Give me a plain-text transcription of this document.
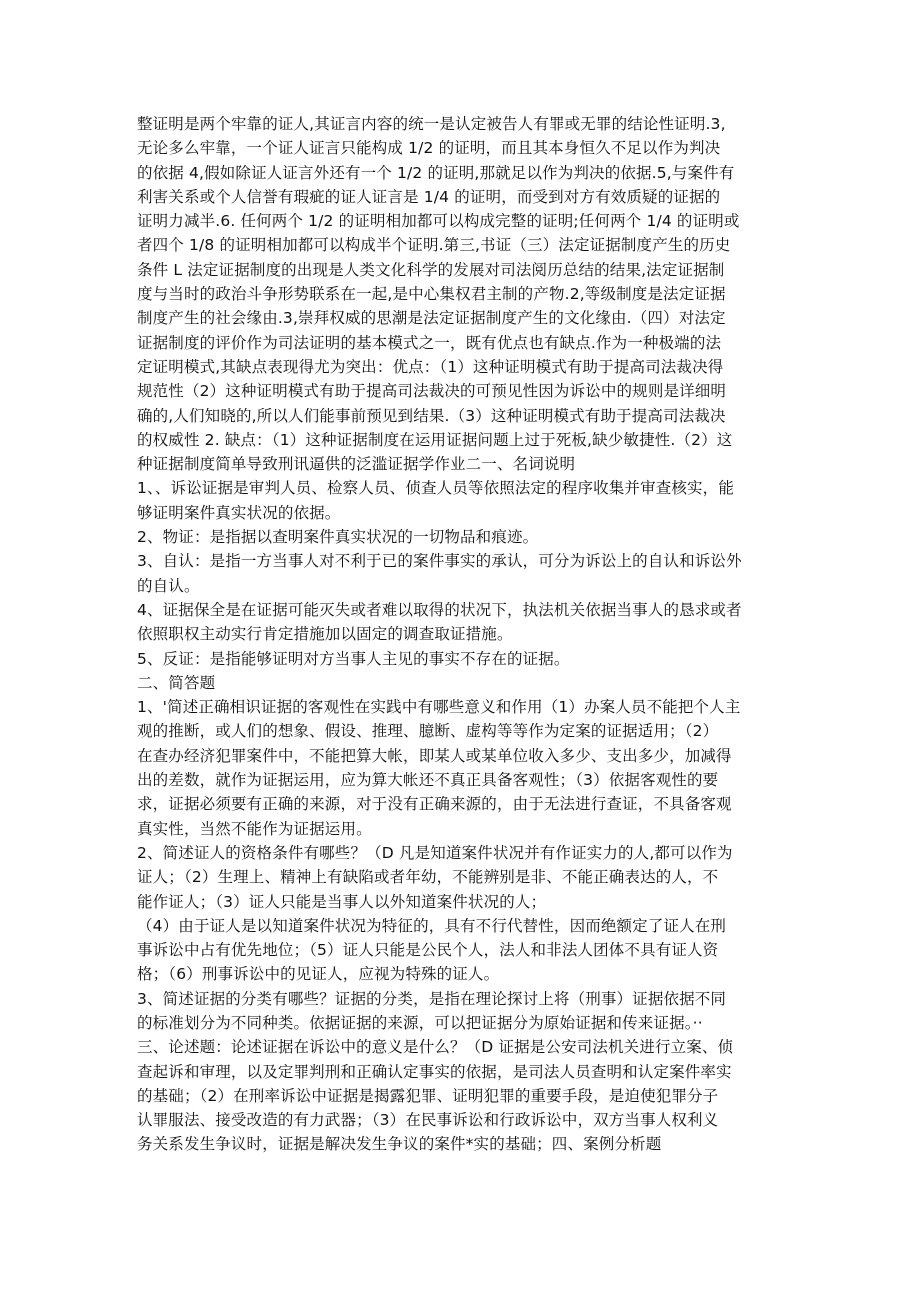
整证明是两个牢靠的证人,其证言内容的统一是认定被告人有罪或无罪的结论性证明.3,
无论多么牢靠，一个证人证言只能构成 1/2 的证明，而且其本身恒久不足以作为判决
的依据 4,假如除证人证言外还有一个 1/2 的证明,那就足以作为判决的依据.5,与案件有
利害关系或个人信誉有瑕疵的证人证言是 1/4 的证明，而受到对方有效质疑的证据的
证明力减半.6. 任何两个 1/2 的证明相加都可以构成完整的证明;任何两个 1/4 的证明或
者四个 1/8 的证明相加都可以构成半个证明.第三,书证（三）法定证据制度产生的历史
条件 L 法定证据制度的出现是人类文化科学的发展对司法阅历总结的结果,法定证据制
度与当时的政治斗争形势联系在一起,是中心集权君主制的产物.2,等级制度是法定证据
制度产生的社会缘由.3,崇拜权威的思潮是法定证据制度产生的文化缘由.（四）对法定
证据制度的评价作为司法证明的基本模式之一，既有优点也有缺点.作为一种极端的法
定证明模式,其缺点表现得尤为突出：优点：（1）这种证明模式有助于提高司法裁决得
规范性（2）这种证明模式有助于提高司法裁决的可预见性因为诉讼中的规则是详细明
确的,人们知晓的,所以人们能事前预见到结果.（3）这种证明模式有助于提高司法裁决
的权威性 2. 缺点：（1）这种证据制度在运用证据问题上过于死板,缺少敏捷性.（2）这
种证据制度简单导致刑讯逼供的泛滥证据学作业二一、名词说明
1、、诉讼证据是审判人员、检察人员、侦查人员等依照法定的程序收集并审查核实，能
够证明案件真实状况的依据。
2、物证：是指据以查明案件真实状况的一切物品和痕迹。
3、自认：是指一方当事人对不利于已的案件事实的承认，可分为诉讼上的自认和诉讼外
的自认。
4、证据保全是在证据可能灭失或者难以取得的状况下，执法机关依据当事人的恳求或者
依照职权主动实行肯定措施加以固定的调查取证措施。
5、反证：是指能够证明对方当事人主见的事实不存在的证据。
二、简答题
1、'简述正确相识证据的客观性在实践中有哪些意义和作用（1）办案人员不能把个人主
观的推断，或人们的想象、假设、推理、臆断、虚构等等作为定案的证据适用；（2）
在查办经济犯罪案件中，不能把算大帐，即某人或某单位收入多少、支出多少，加减得
出的差数，就作为证据运用，应为算大帐还不真正具备客观性；（3）依据客观性的要
求，证据必须要有正确的来源，对于没有正确来源的，由于无法进行查证，不具备客观
真实性，当然不能作为证据运用。
2、简述证人的资格条件有哪些？（D 凡是知道案件状况并有作证实力的人,都可以作为
证人；（2）生理上、精神上有缺陷或者年幼，不能辨别是非、不能正确表达的人，不
能作证人；（3）证人只能是当事人以外知道案件状况的人；
（4）由于证人是以知道案件状况为特征的，具有不行代替性，因而绝额定了证人在刑
事诉讼中占有优先地位；（5）证人只能是公民个人，法人和非法人团体不具有证人资
格；（6）刑事诉讼中的见证人，应视为特殊的证人。
3、简述证据的分类有哪些？证据的分类，是指在理论探讨上将（刑事）证据依据不同
的标准划分为不同种类。依据证据的来源，可以把证据分为原始证据和传来证据。··
三、论述题：论述证据在诉讼中的意义是什么？（D 证据是公安司法机关进行立案、侦
查起诉和审理，以及定罪判刑和正确认定事实的依据，是司法人员查明和认定案件率实
的基础；（2）在刑率诉讼中证据是揭露犯罪、证明犯罪的重要手段，是迫使犯罪分子
认罪服法、接受改造的有力武器；（3）在民事诉讼和行政诉讼中，双方当事人权利义
务关系发生争议时，证据是解决发生争议的案件*实的基础；四、案例分析题
